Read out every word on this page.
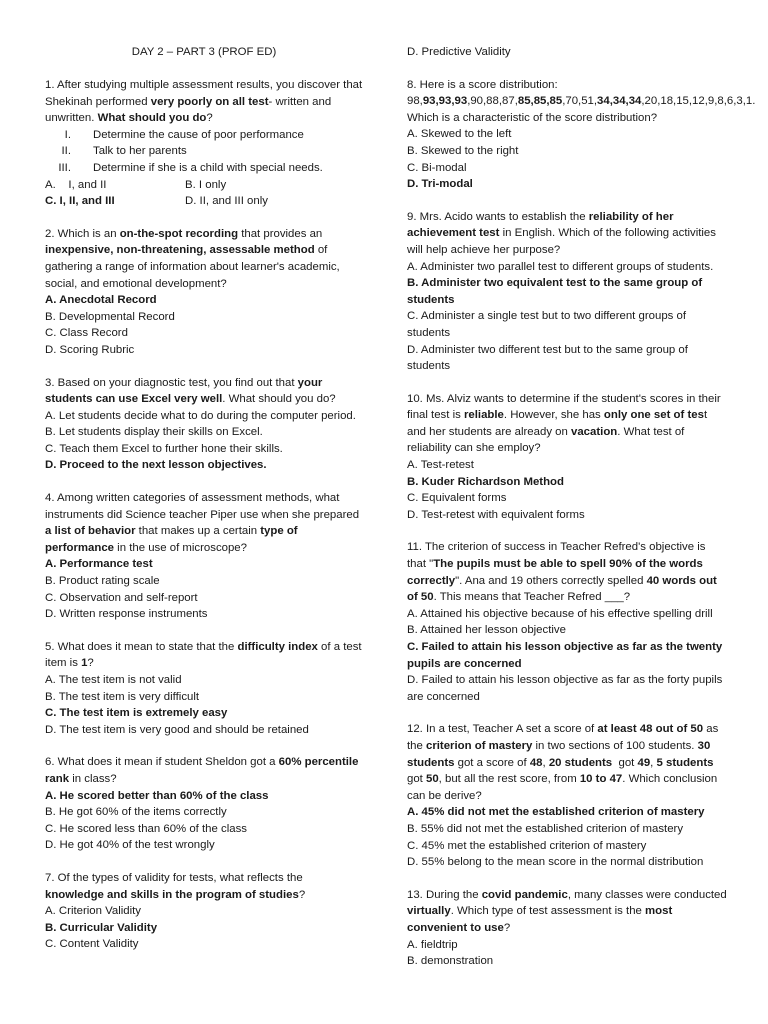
DAY 2 – PART 3 (PROF ED)

1. After studying multiple assessment results, you discover that Shekinah performed very poorly on all test- written and unwritten. What should you do?

I.	Determine the cause of poor performance
II.	Talk to her parents
III.	Determine if she is a child with special needs.
A.    I, and II	B. I only
C. I, II, and III	D. II, and III only

2. Which is an on-the-spot recording that provides an inexpensive, non-threatening, assessable method of gathering a range of information about learner's academic, social, and emotional development?

A. Anecdotal Record

B. Developmental Record

C. Class Record

D. Scoring Rubric

3. Based on your diagnostic test, you find out that your students can use Excel very well. What should you do?

A. Let students decide what to do during the computer period.

B. Let students display their skills on Excel.

C. Teach them Excel to further hone their skills.

D. Proceed to the next lesson objectives.

4. Among written categories of assessment methods, what instruments did Science teacher Piper use when she prepared a list of behavior that makes up a certain type of performance in the use of microscope?

A. Performance test

B. Product rating scale

C. Observation and self-report

D. Written response instruments

5. What does it mean to state that the difficulty index of a test item is 1?

A. The test item is not valid

B. The test item is very difficult

C. The test item is extremely easy

D. The test item is very good and should be retained

6. What does it mean if student Sheldon got a 60% percentile rank in class?

A. He scored better than 60% of the class

B. He got 60% of the items correctly

C. He scored less than 60% of the class

D. He got 40% of the test wrongly

7. Of the types of validity for tests, what reflects the knowledge and skills in the program of studies?

A. Criterion Validity

B. Curricular Validity

C. Content Validity

D. Predictive Validity

8. Here is a score distribution:

98,93,93,93,90,88,87,85,85,85,70,51,34,34,34,20,18,15,12,9,8,6,3,1. Which is a characteristic of the score distribution?

A. Skewed to the left

B. Skewed to the right

C. Bi-modal

D. Tri-modal

9. Mrs. Acido wants to establish the reliability of her achievement test in English. Which of the following activities will help achieve her purpose?

A. Administer two parallel test to different groups of students.

B. Administer two equivalent test to the same group of students

C. Administer a single test but to two different groups of students

D. Administer two different test but to the same group of students

10. Ms. Alviz wants to determine if the student's scores in their final test is reliable. However, she has only one set of test and her students are already on vacation. What test of reliability can she employ?

A. Test-retest

B. Kuder Richardson Method

C. Equivalent forms

D. Test-retest with equivalent forms

11. The criterion of success in Teacher Refred's objective is that "The pupils must be able to spell 90% of the words correctly". Ana and 19 others correctly spelled 40 words out of 50. This means that Teacher Refred ___?

A. Attained his objective because of his effective spelling drill

B. Attained her lesson objective

C. Failed to attain his lesson objective as far as the twenty pupils are concerned

D. Failed to attain his lesson objective as far as the forty pupils are concerned

12. In a test, Teacher A set a score of at least 48 out of 50 as the criterion of mastery in two sections of 100 students. 30 students got a score of 48, 20 students  got 49, 5 students got 50, but all the rest score, from 10 to 47. Which conclusion can be derive?

A. 45% did not met the established criterion of mastery

B. 55% did not met the established criterion of mastery

C. 45% met the established criterion of mastery

D. 55% belong to the mean score in the normal distribution

13. During the covid pandemic, many classes were conducted virtually. Which type of test assessment is the most convenient to use?

A. fieldtrip

B. demonstration
